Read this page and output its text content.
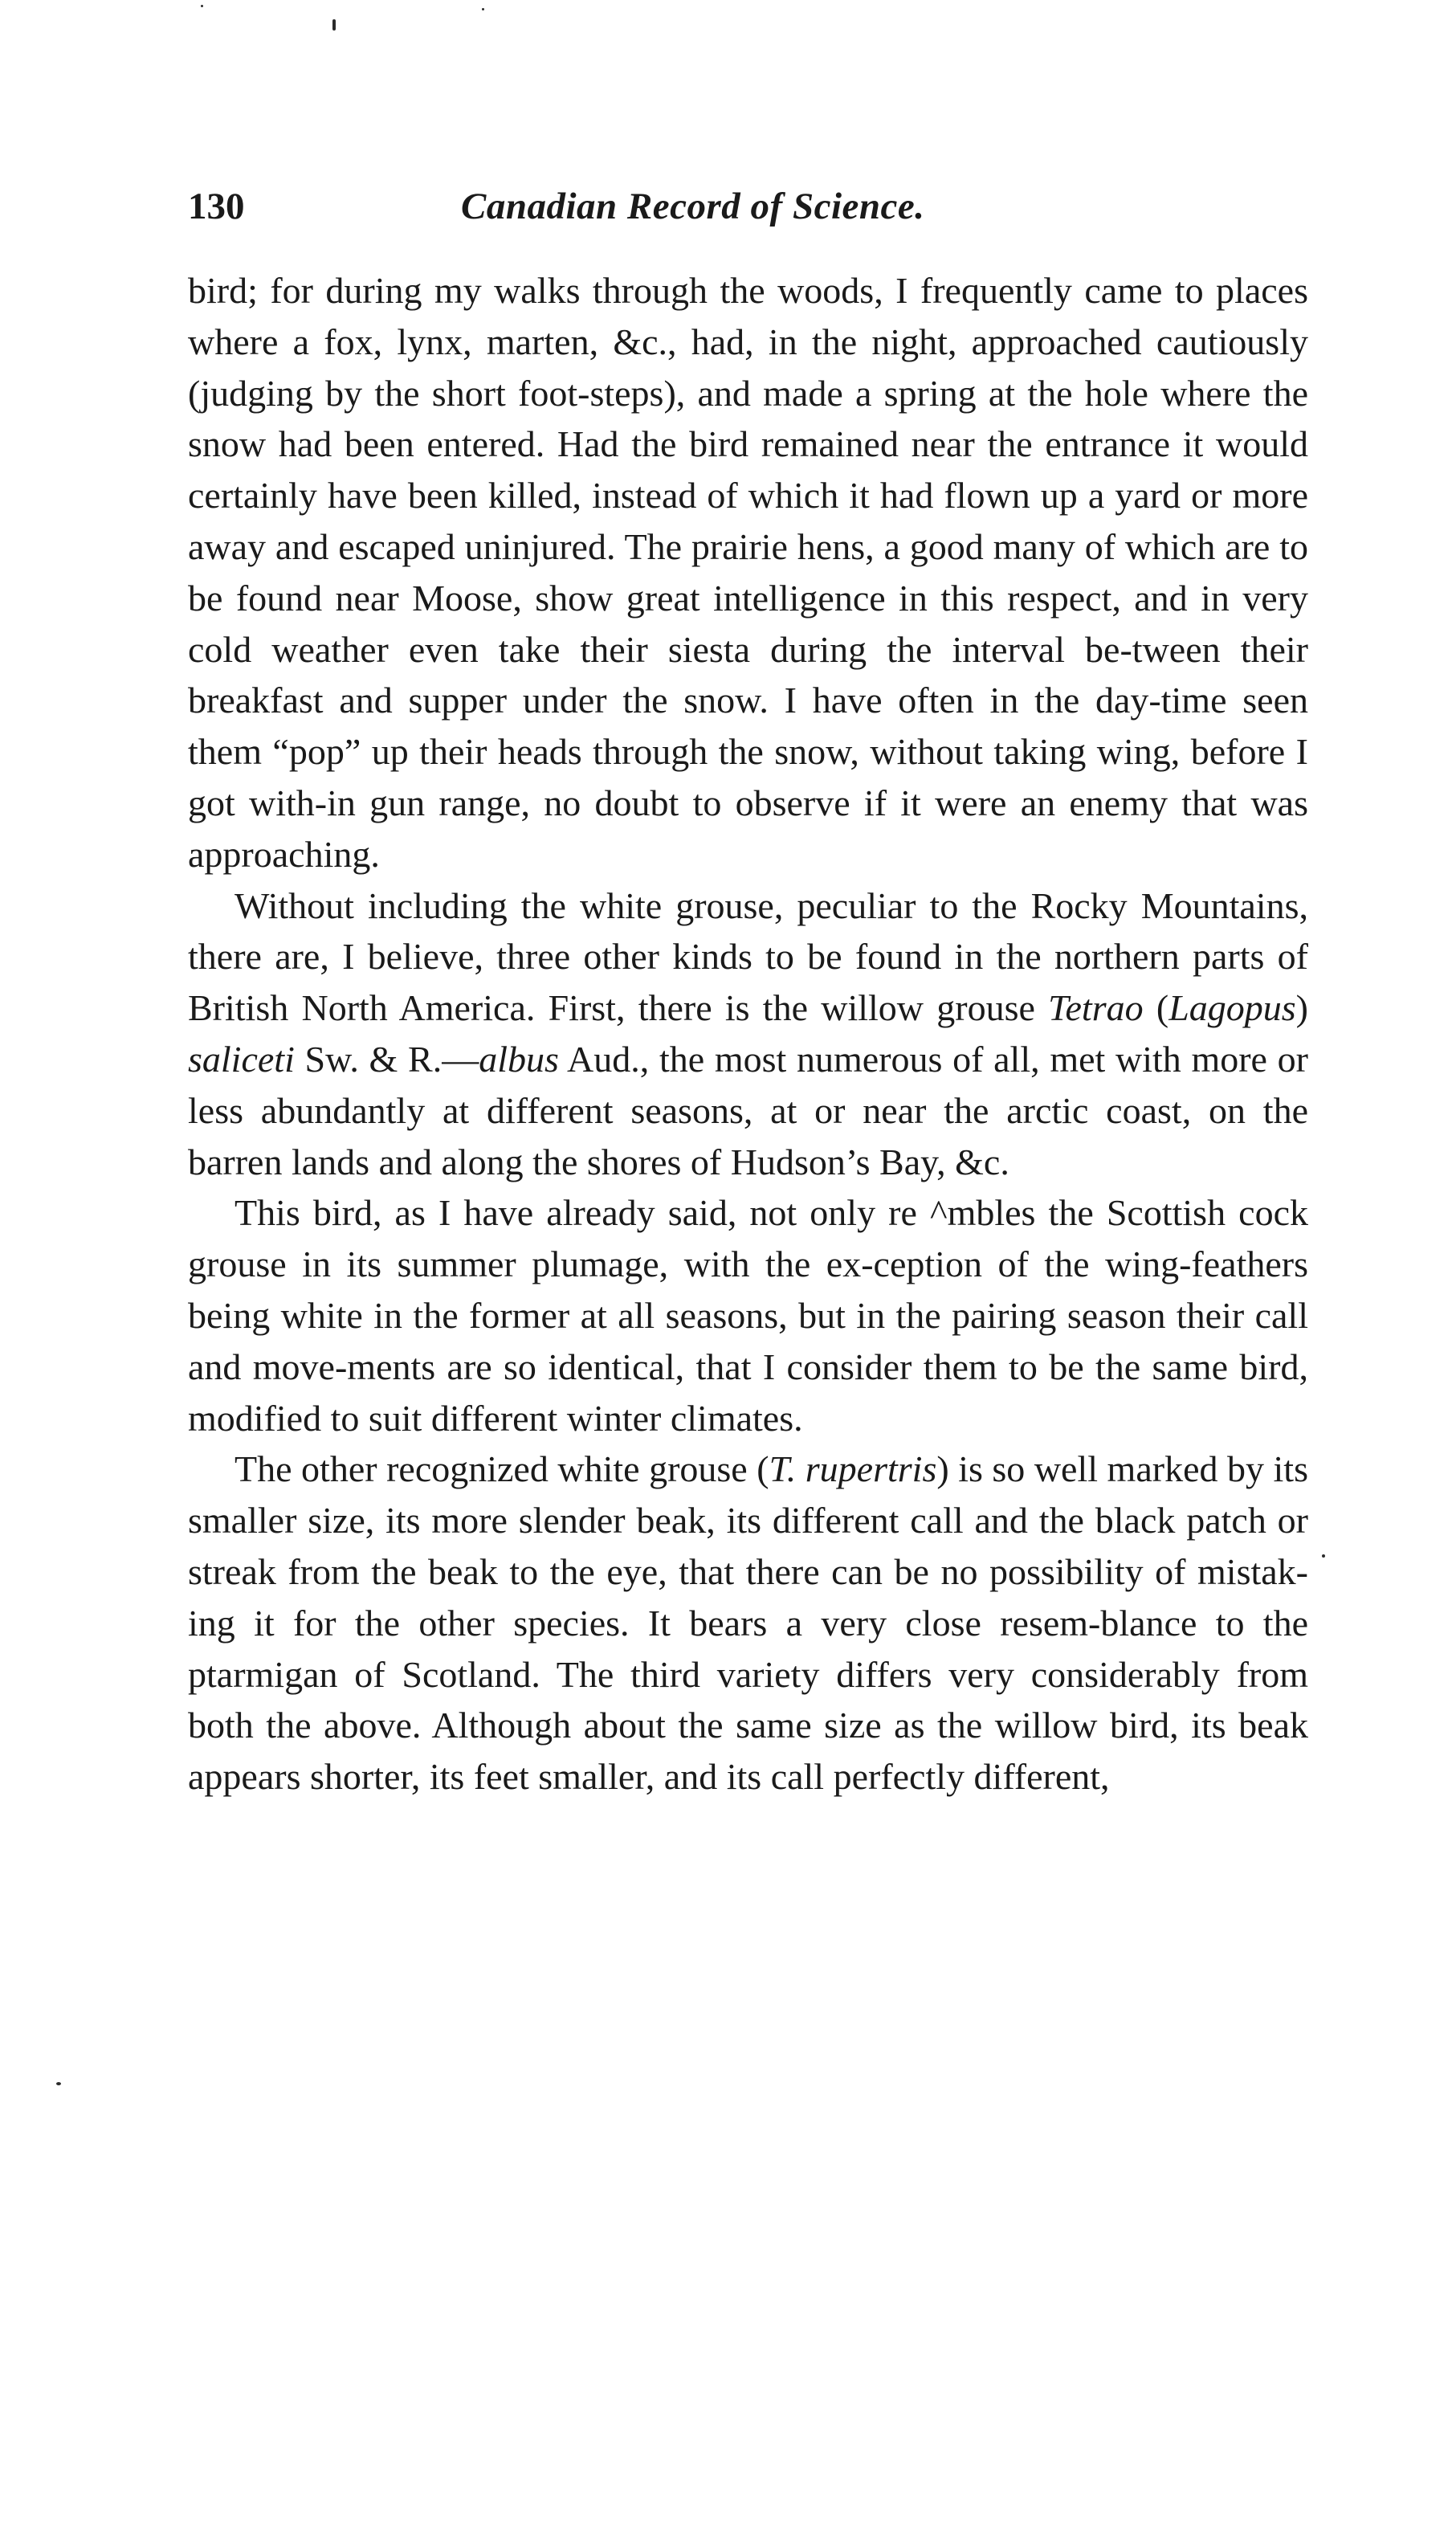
130	Canadian Record of Science.

bird; for during my walks through the woods, I frequently came to places where a fox, lynx, marten, &c., had, in the night, approached cautiously (judging by the short foot-steps), and made a spring at the hole where the snow had been entered. Had the bird remained near the entrance it would certainly have been killed, instead of which it had flown up a yard or more away and escaped uninjured. The prairie hens, a good many of which are to be found near Moose, show great intelligence in this respect, and in very cold weather even take their siesta during the interval be-tween their breakfast and supper under the snow. I have often in the day-time seen them “pop” up their heads through the snow, without taking wing, before I got with-in gun range, no doubt to observe if it were an enemy that was approaching.

Without including the white grouse, peculiar to the Rocky Mountains, there are, I believe, three other kinds to be found in the northern parts of British North America. First, there is the willow grouse Tetrao (Lagopus) saliceti Sw. & R.—albus Aud., the most numerous of all, met with more or less abundantly at different seasons, at or near the arctic coast, on the barren lands and along the shores of Hudson’s Bay, &c.

This bird, as I have already said, not only re ^mbles the Scottish cock grouse in its summer plumage, with the ex-ception of the wing-feathers being white in the former at all seasons, but in the pairing season their call and move-ments are so identical, that I consider them to be the same bird, modified to suit different winter climates.

The other recognized white grouse (T. rupertris) is so well marked by its smaller size, its more slender beak, its different call and the black patch or streak from the beak to the eye, that there can be no possibility of mistak-ing it for the other species. It bears a very close resem-blance to the ptarmigan of Scotland. The third variety differs very considerably from both the above. Although about the same size as the willow bird, its beak appears shorter, its feet smaller, and its call perfectly different,
